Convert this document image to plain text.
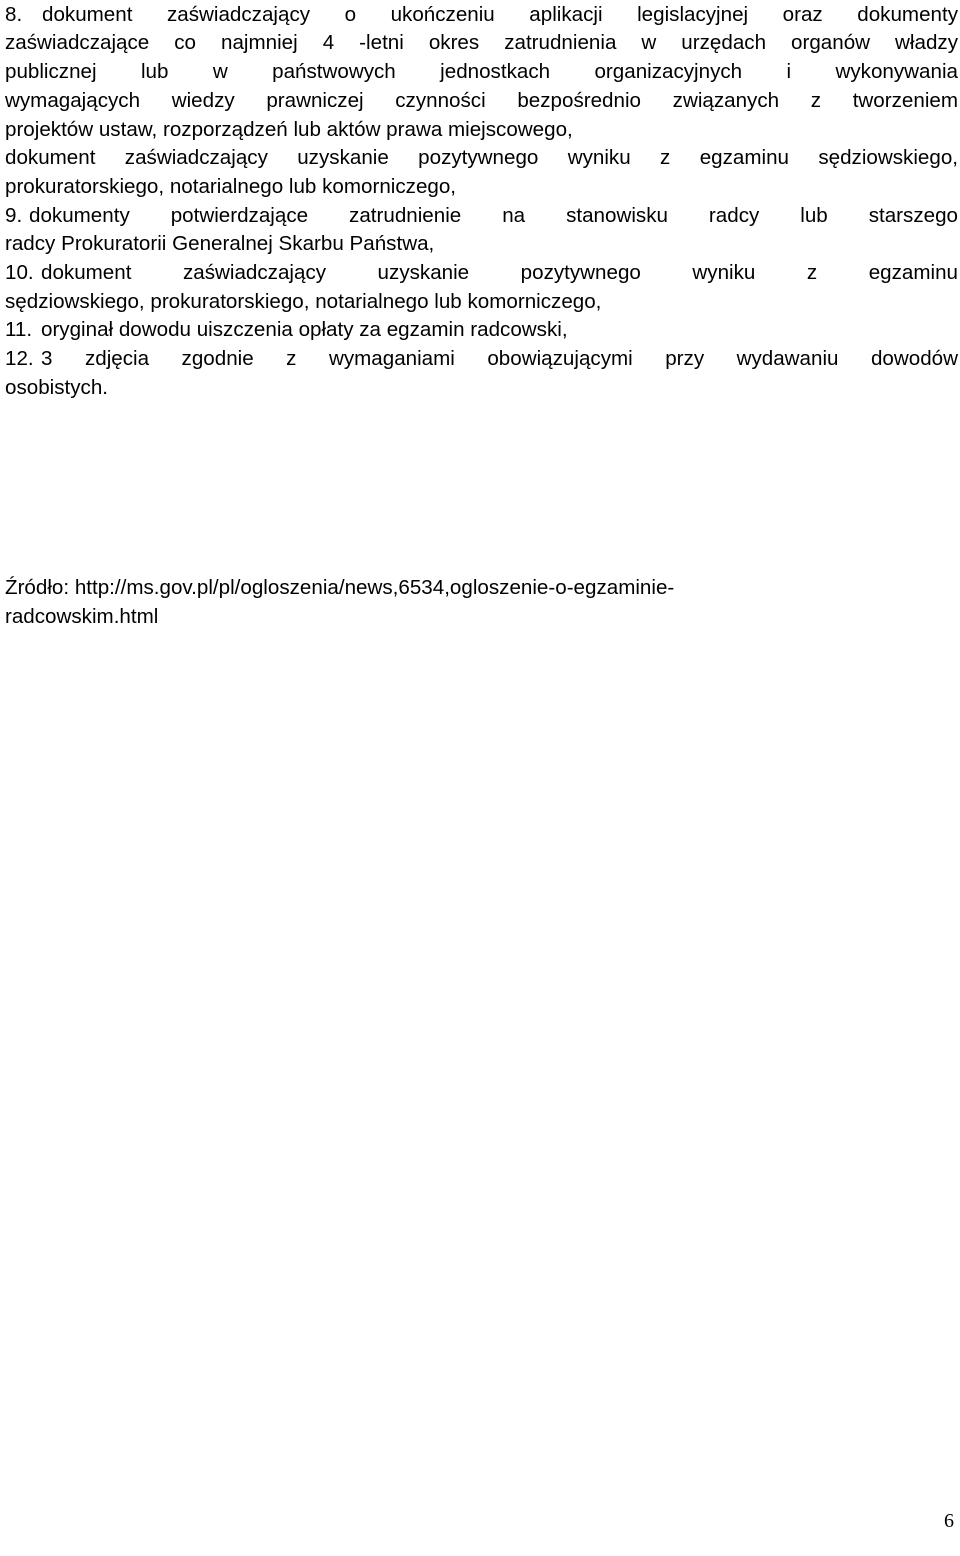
8. dokument zaświadczający o ukończeniu aplikacji legislacyjnej oraz dokumenty
zaświadczające co najmniej 4 -letni okres zatrudnienia w urzędach organów władzy
publicznej lub w państwowych jednostkach organizacyjnych i wykonywania
wymagających wiedzy prawniczej czynności bezpośrednio związanych z tworzeniem
projektów ustaw, rozporządzeń lub aktów prawa miejscowego,
dokument zaświadczający uzyskanie pozytywnego wyniku z egzaminu sędziowskiego,
prokuratorskiego, notarialnego lub komorniczego,
9. dokumenty potwierdzające zatrudnienie na stanowisku radcy lub starszego
radcy Prokuratorii Generalnej Skarbu Państwa,
10. dokument zaświadczający uzyskanie pozytywnego wyniku z egzaminu
sędziowskiego, prokuratorskiego, notarialnego lub komorniczego,
11. oryginał dowodu uiszczenia opłaty za egzamin radcowski,
12. 3 zdjęcia zgodnie z wymaganiami obowiązującymi przy wydawaniu dowodów
osobistych.
Źródło: http://ms.gov.pl/pl/ogloszenia/news,6534,ogloszenie-o-egzaminie-
radcowskim.html
6
